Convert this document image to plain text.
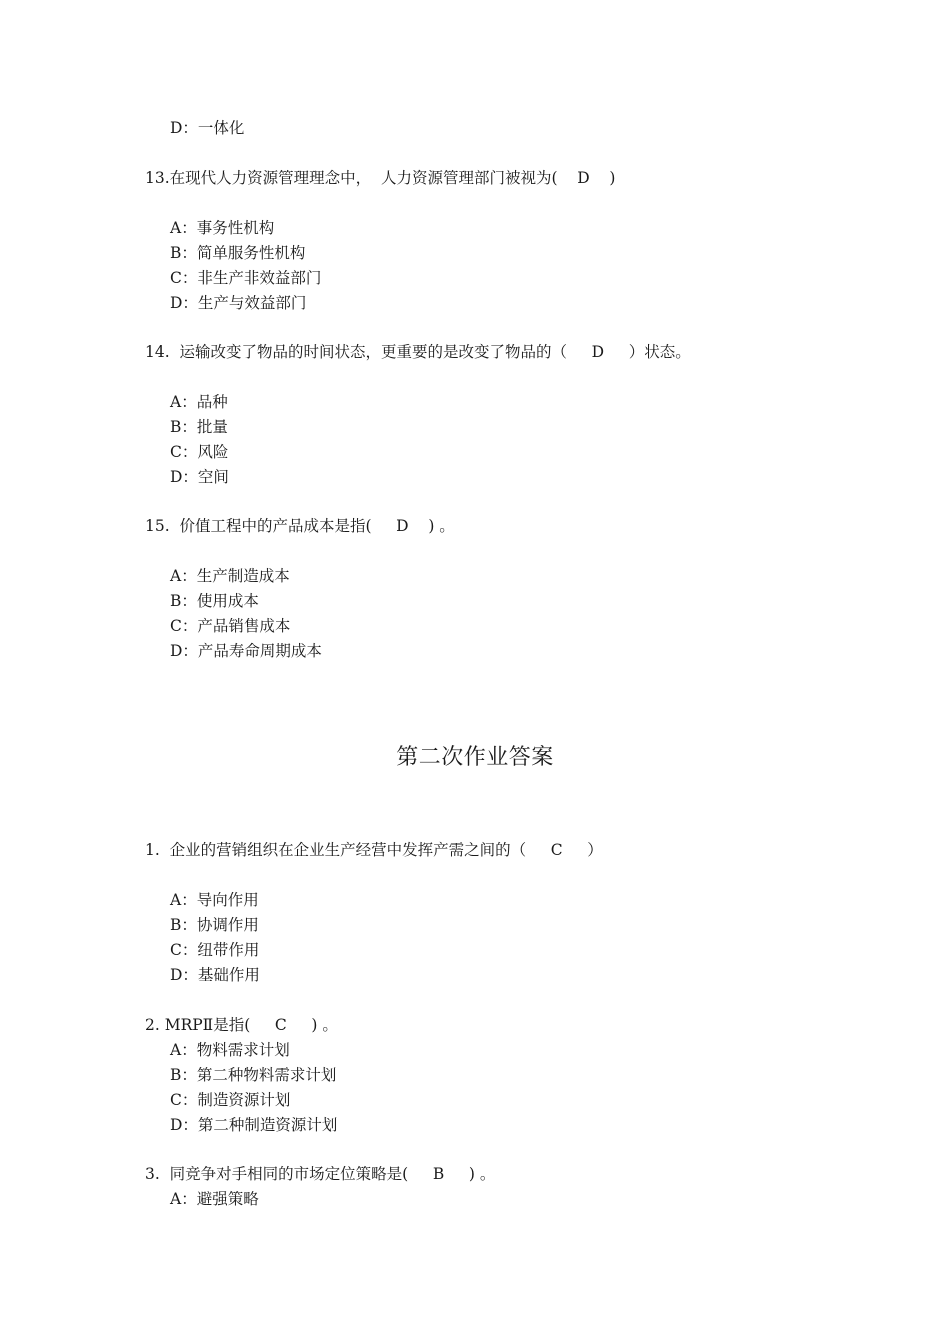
D：一体化
13.在现代人力资源管理理念中，  人力资源管理部门被视为(    D    )
A：事务性机构
B：简单服务性机构
C：非生产非效益部门
D：生产与效益部门
14.  运输改变了物品的时间状态，更重要的是改变了物品的（     D     ）状态。
A：品种
B：批量
C：风险
D：空间
15.  价值工程中的产品成本是指(     D    ) 。
A：生产制造成本
B：使用成本
C：产品销售成本
D：产品寿命周期成本
第二次作业答案
1.  企业的营销组织在企业生产经营中发挥产需之间的（     C     ）
A：导向作用
B：协调作用
C：纽带作用
D：基础作用
2. MRPⅡ是指(     C     ) 。
A：物料需求计划
B：第二种物料需求计划
C：制造资源计划
D：第二种制造资源计划
3.  同竞争对手相同的市场定位策略是(     B     ) 。
A：避强策略
